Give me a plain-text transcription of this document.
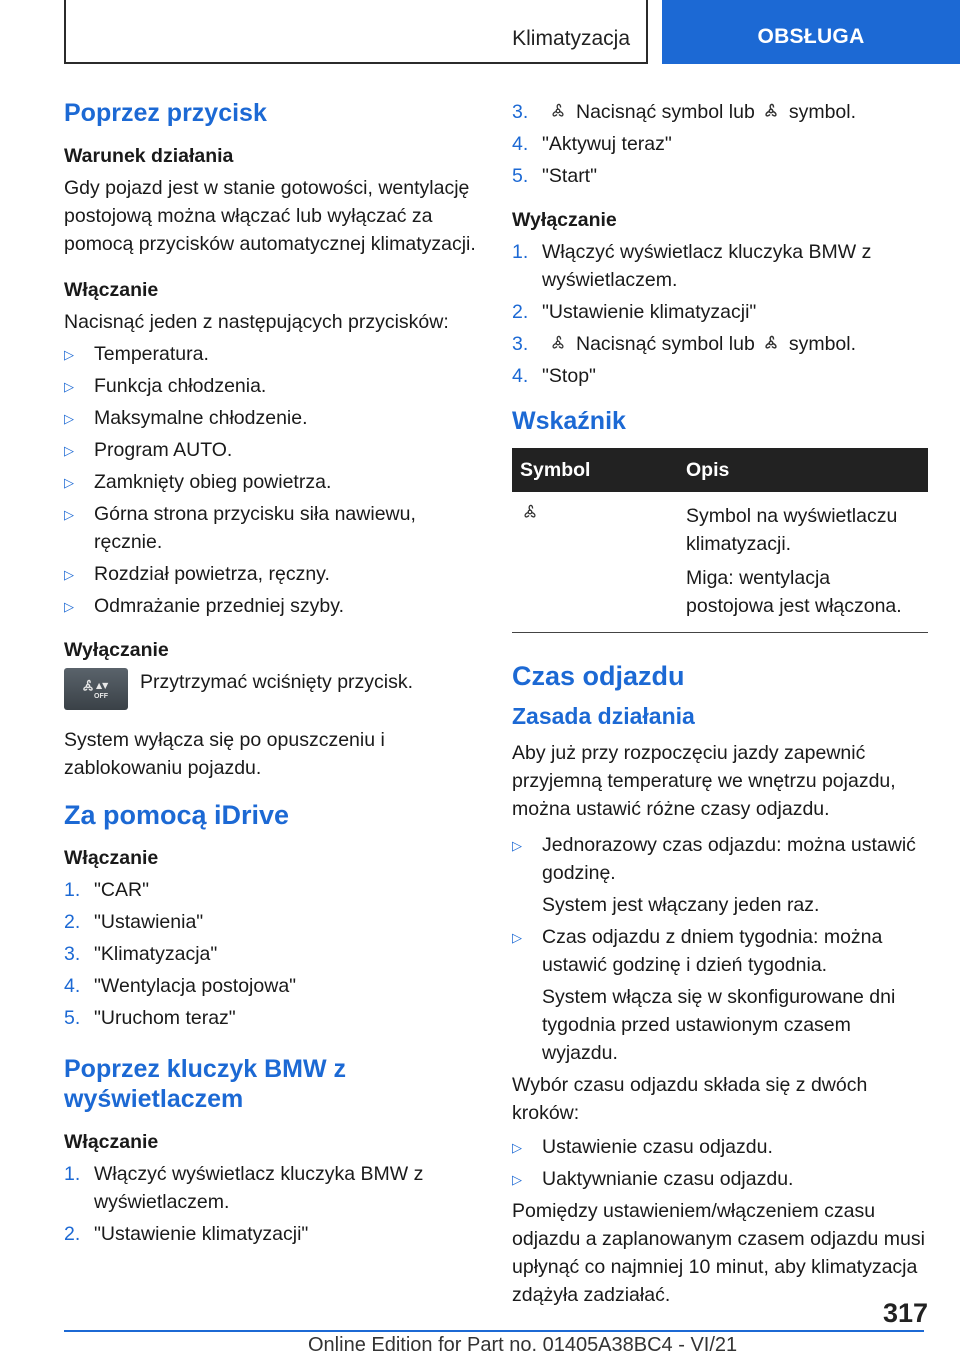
Klimatyzacja	OBSŁUGA
Poprzez przycisk
Warunek działania

Gdy pojazd jest w stanie gotowości, wentylację postojową można włączać lub wyłączać za pomocą przycisków automatycznej klimatyzacji.

Włączanie

Nacisnąć jeden z następujących przycisków:

▷ Temperatura.
▷ Funkcja chłodzenia.
▷ Maksymalne chłodzenie.
▷ Program AUTO.
▷ Zamknięty obieg powietrza.
▷ Górna strona przycisku siła nawiewu, ręcznie.
▷ Rozdział powietrza, ręczny.
▷ Odmrażanie przedniej szyby.
Wyłączanie
OFF
▲▼ Przytrzymać wciśnięty przycisk.

System wyłącza się po opuszczeniu i zablokowaniu pojazdu.

Za pomocą iDrive
Włączanie
1. "CAR"
2. "Ustawienia"
3. "Klimatyzacja"
4. "Wentylacja postojowa"
5. "Uruchom teraz"
Poprzez kluczyk BMW z wyświetlaczem
Włączanie
1. Włączyć wyświetlacz kluczyka BMW z wyświetlaczem.
2. "Ustawienie klimatyzacji"
3. Nacisnąć symbol lub symbol.
4. "Aktywuj teraz"
5. "Start"
Wyłączanie
1. Włączyć wyświetlacz kluczyka BMW z wyświetlaczem.
2. "Ustawienie klimatyzacji"
3. Nacisnąć symbol lub symbol.
4. "Stop"
Wskaźnik
Symbol	Opis

Symbol na wyświetlaczu klimatyzacji.

Miga: wentylacja postojowa jest włączona.

Czas odjazdu
Zasada działania

Aby już przy rozpoczęciu jazdy zapewnić przyjemną temperaturę we wnętrzu pojazdu, można ustawić różne czasy odjazdu.

▷ Jednorazowy czas odjazdu: można ustawić godzinę.
System jest włączany jeden raz.
▷ Czas odjazdu z dniem tygodnia: można ustawić godzinę i dzień tygodnia.
System włącza się w skonfigurowane dni tygodnia przed ustawionym czasem wyjazdu.

Wybór czasu odjazdu składa się z dwóch kroków:

▷ Ustawienie czasu odjazdu.
▷ Uaktywnianie czasu odjazdu.

Pomiędzy ustawieniem/włączeniem czasu odjazdu a zaplanowanym czasem odjazdu musi upłynąć co najmniej 10 minut, aby klimatyzacja zdążyła zadziałać.

317
Online Edition for Part no. 01405A38BC4 - VI/21
